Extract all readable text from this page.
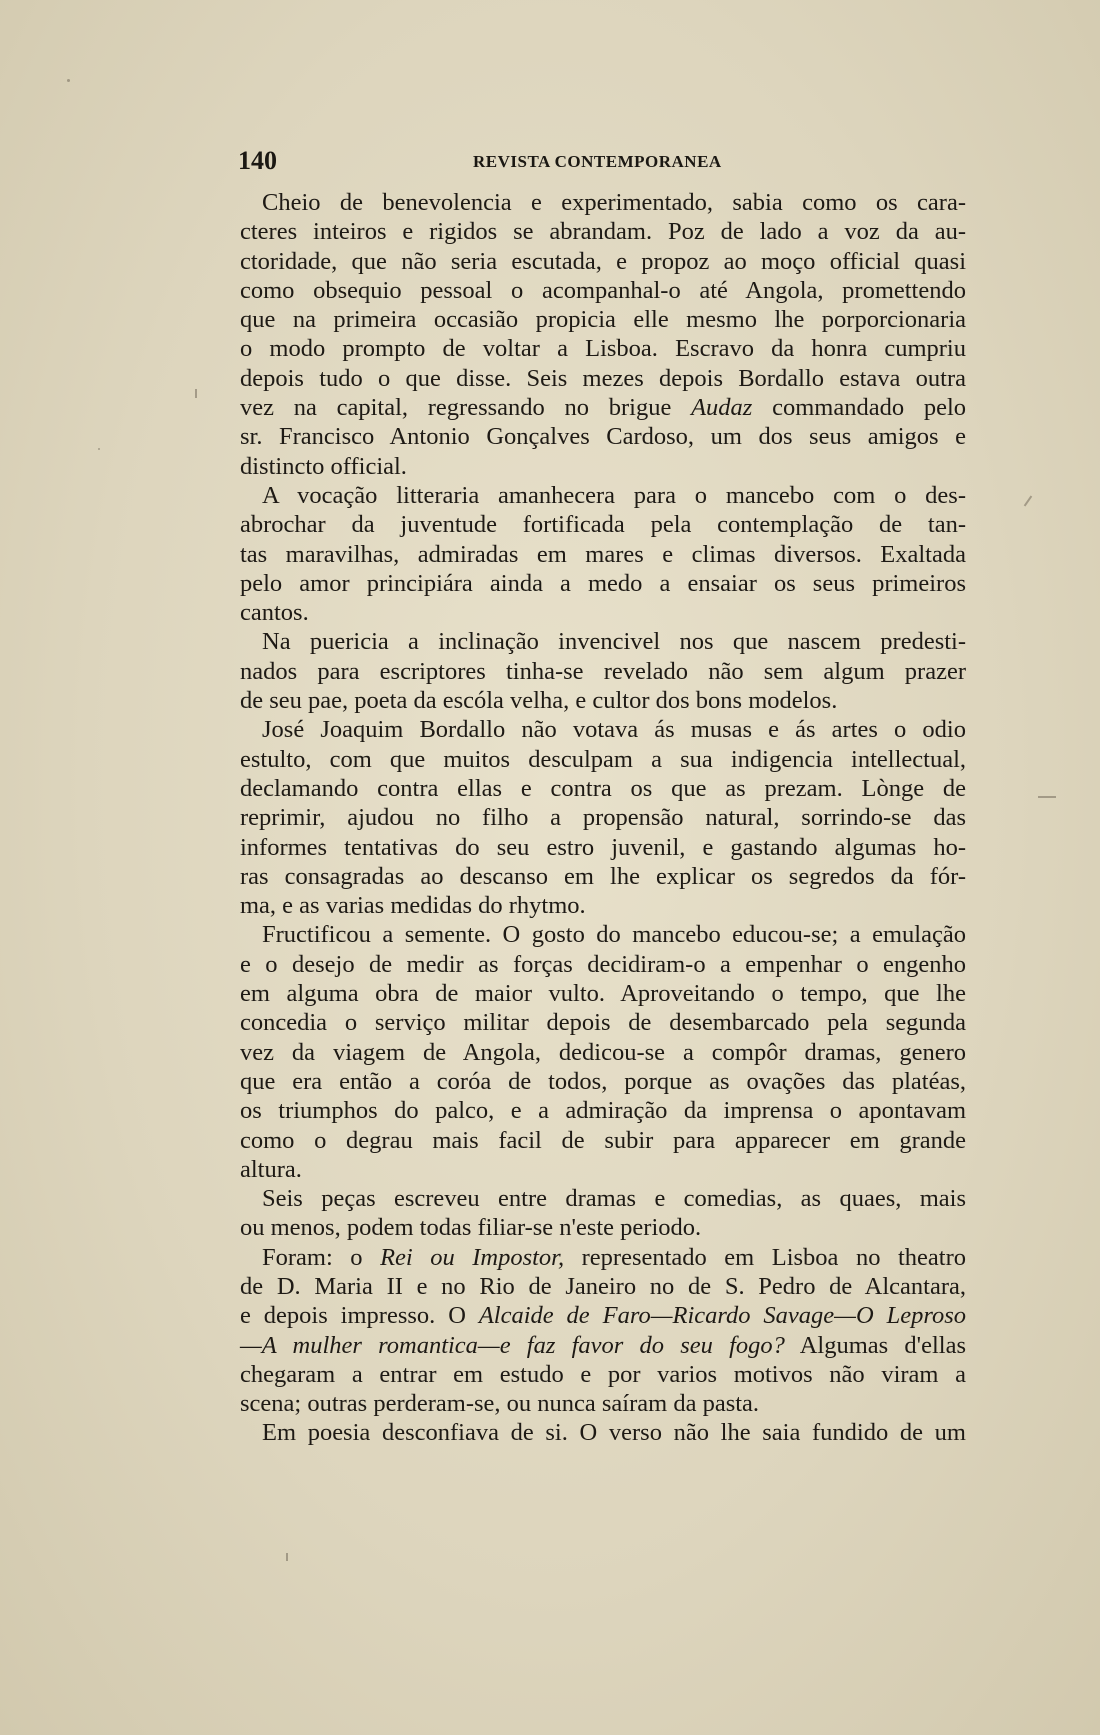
140	REVISTA CONTEMPORANEA
Cheio de benevolencia e experimentado, sabia como os cara-
cteres inteiros e rigidos se abrandam. Poz de lado a voz da au-
ctoridade, que não seria escutada, e propoz ao moço official quasi
como obsequio pessoal o acompanhal-o até Angola, promettendo
que na primeira occasião propicia elle mesmo lhe porporcionaria
o modo prompto de voltar a Lisboa. Escravo da honra cumpriu
depois tudo o que disse. Seis mezes depois Bordallo estava outra
vez na capital, regressando no brigue Audaz commandado pelo
sr. Francisco Antonio Gonçalves Cardoso, um dos seus amigos e
distincto official.
A vocação litteraria amanhecera para o mancebo com o des-
abrochar da juventude fortificada pela contemplação de tan-
tas maravilhas, admiradas em mares e climas diversos. Exaltada
pelo amor principiára ainda a medo a ensaiar os seus primeiros
cantos.
Na puericia a inclinação invencivel nos que nascem predesti-
nados para escriptores tinha-se revelado não sem algum prazer
de seu pae, poeta da escóla velha, e cultor dos bons modelos.
José Joaquim Bordallo não votava ás musas e ás artes o odio
estulto, com que muitos desculpam a sua indigencia intellectual,
declamando contra ellas e contra os que as prezam. Lònge de
reprimir, ajudou no filho a propensão natural, sorrindo-se das
informes tentativas do seu estro juvenil, e gastando algumas ho-
ras consagradas ao descanso em lhe explicar os segredos da fór-
ma, e as varias medidas do rhytmo.
Fructificou a semente. O gosto do mancebo educou-se; a emulação
e o desejo de medir as forças decidiram-o a empenhar o engenho
em alguma obra de maior vulto. Aproveitando o tempo, que lhe
concedia o serviço militar depois de desembarcado pela segunda
vez da viagem de Angola, dedicou-se a compôr dramas, genero
que era então a coróa de todos, porque as ovações das platéas,
os triumphos do palco, e a admiração da imprensa o apontavam
como o degrau mais facil de subir para apparecer em grande
altura.
Seis peças escreveu entre dramas e comedias, as quaes, mais
ou menos, podem todas filiar-se n'este periodo.
Foram: o Rei ou Impostor, representado em Lisboa no theatro
de D. Maria II e no Rio de Janeiro no de S. Pedro de Alcantara,
e depois impresso. O Alcaide de Faro—Ricardo Savage—O Leproso
—A mulher romantica—e faz favor do seu fogo? Algumas d'ellas
chegaram a entrar em estudo e por varios motivos não viram a
scena; outras perderam-se, ou nunca saíram da pasta.
Em poesia desconfiava de si. O verso não lhe saia fundido de um
